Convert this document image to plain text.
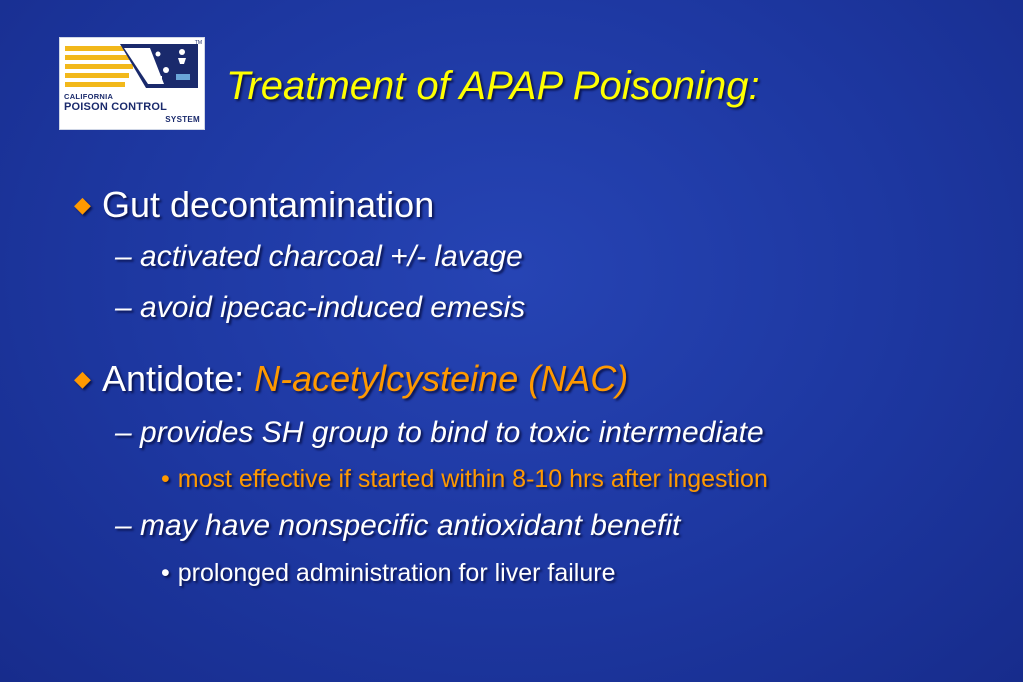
CALIFORNIA
POISON CONTROL
SYSTEM
TM
Treatment of APAP Poisoning:
◆ Gut decontamination
– activated charcoal +/- lavage
– avoid ipecac-induced emesis
◆ Antidote: N-acetylcysteine (NAC)
– provides SH group to bind to toxic intermediate
• most effective if started within 8-10 hrs after ingestion
– may have nonspecific antioxidant benefit
• prolonged administration for liver failure
